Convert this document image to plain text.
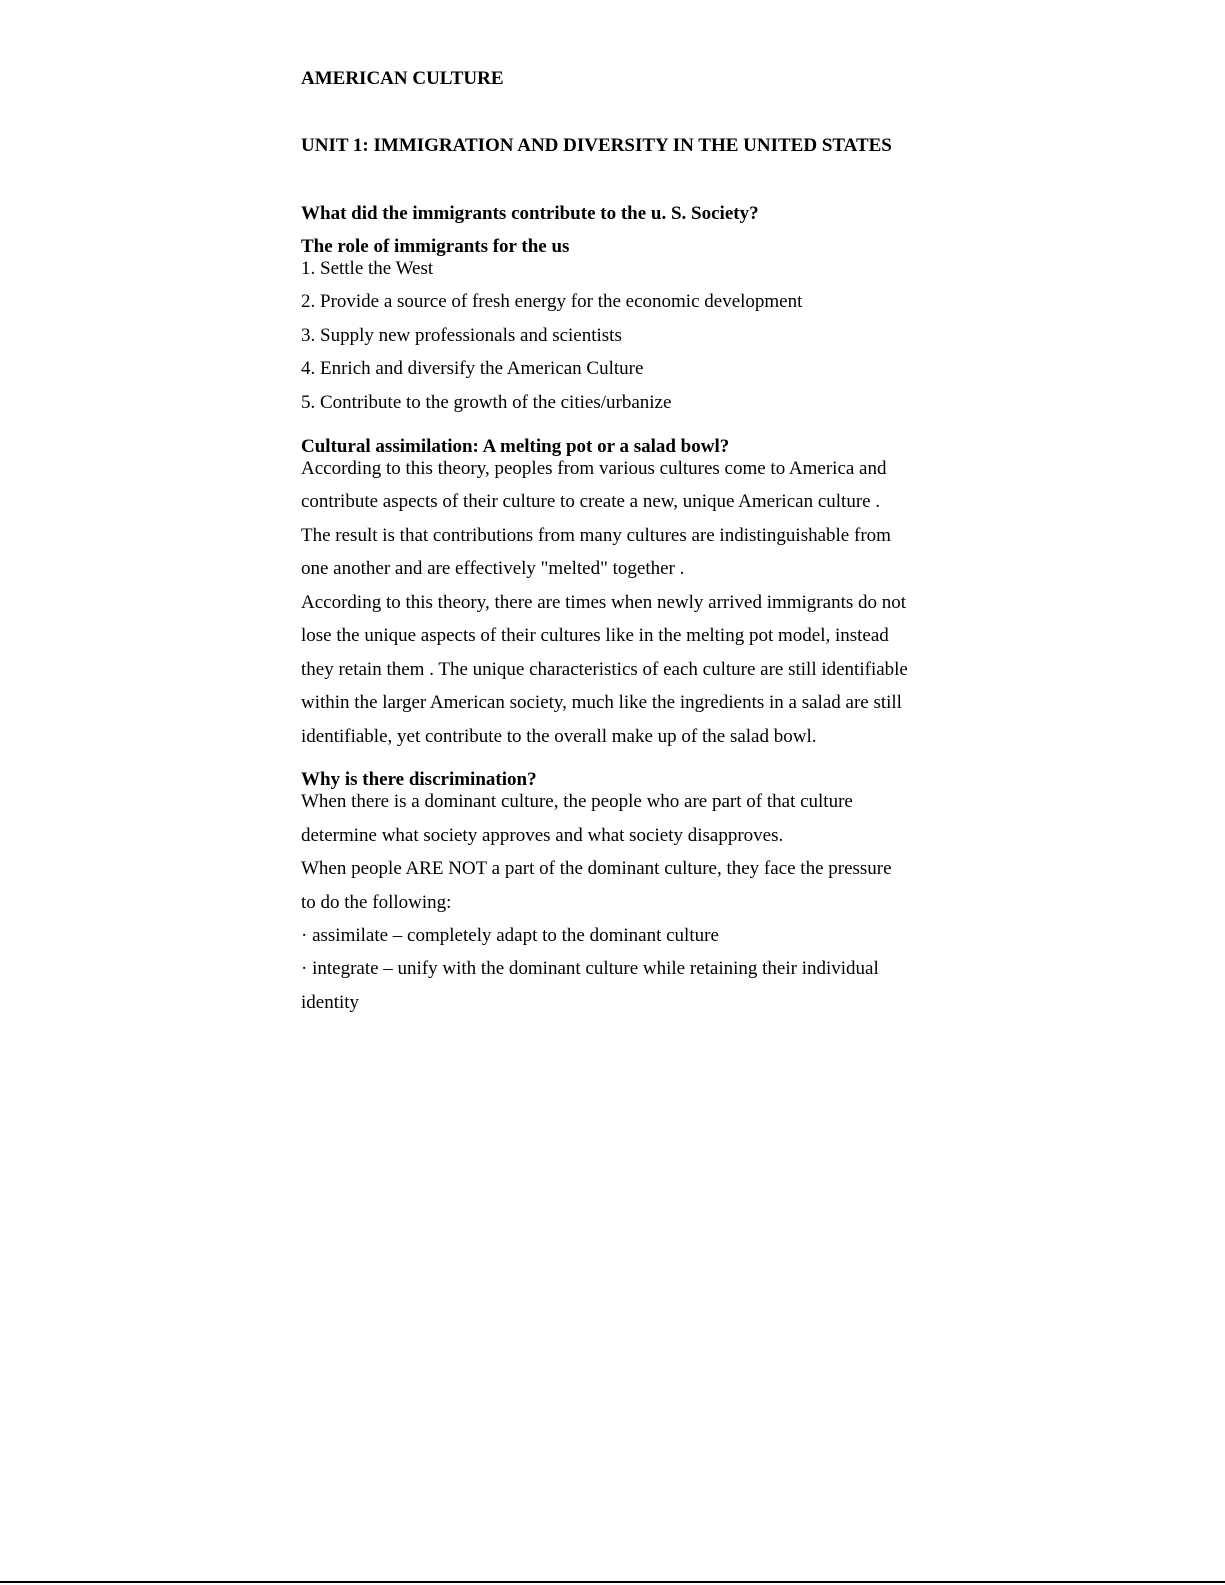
AMERICAN CULTURE
UNIT 1: IMMIGRATION AND DIVERSITY IN THE UNITED STATES
What did the immigrants contribute to the u. S. Society?
The role of immigrants for the us
1. Settle the West
2. Provide a source of fresh energy for the economic development
3. Supply new professionals and scientists
4. Enrich and diversify the American Culture
5. Contribute to the growth of the cities/urbanize
Cultural assimilation: A melting pot or a salad bowl?
According to this theory, peoples from various cultures come to America and
contribute aspects of their culture to create a new, unique American culture .
The result is that contributions from many cultures are indistinguishable from
one another and are effectively "melted" together .
According to this theory, there are times when newly arrived immigrants do not
lose the unique aspects of their cultures like in the melting pot model, instead
they retain them . The unique characteristics of each culture are still identifiable
within the larger American society, much like the ingredients in a salad are still
identifiable, yet contribute to the overall make up of the salad bowl.
Why is there discrimination?
When there is a dominant culture, the people who are part of that culture
determine what society approves and what society disapproves.
When people ARE NOT a part of the dominant culture, they face the pressure
to do the following:
· assimilate – completely adapt to the dominant culture
· integrate – unify with the dominant culture while retaining their individual
identity
